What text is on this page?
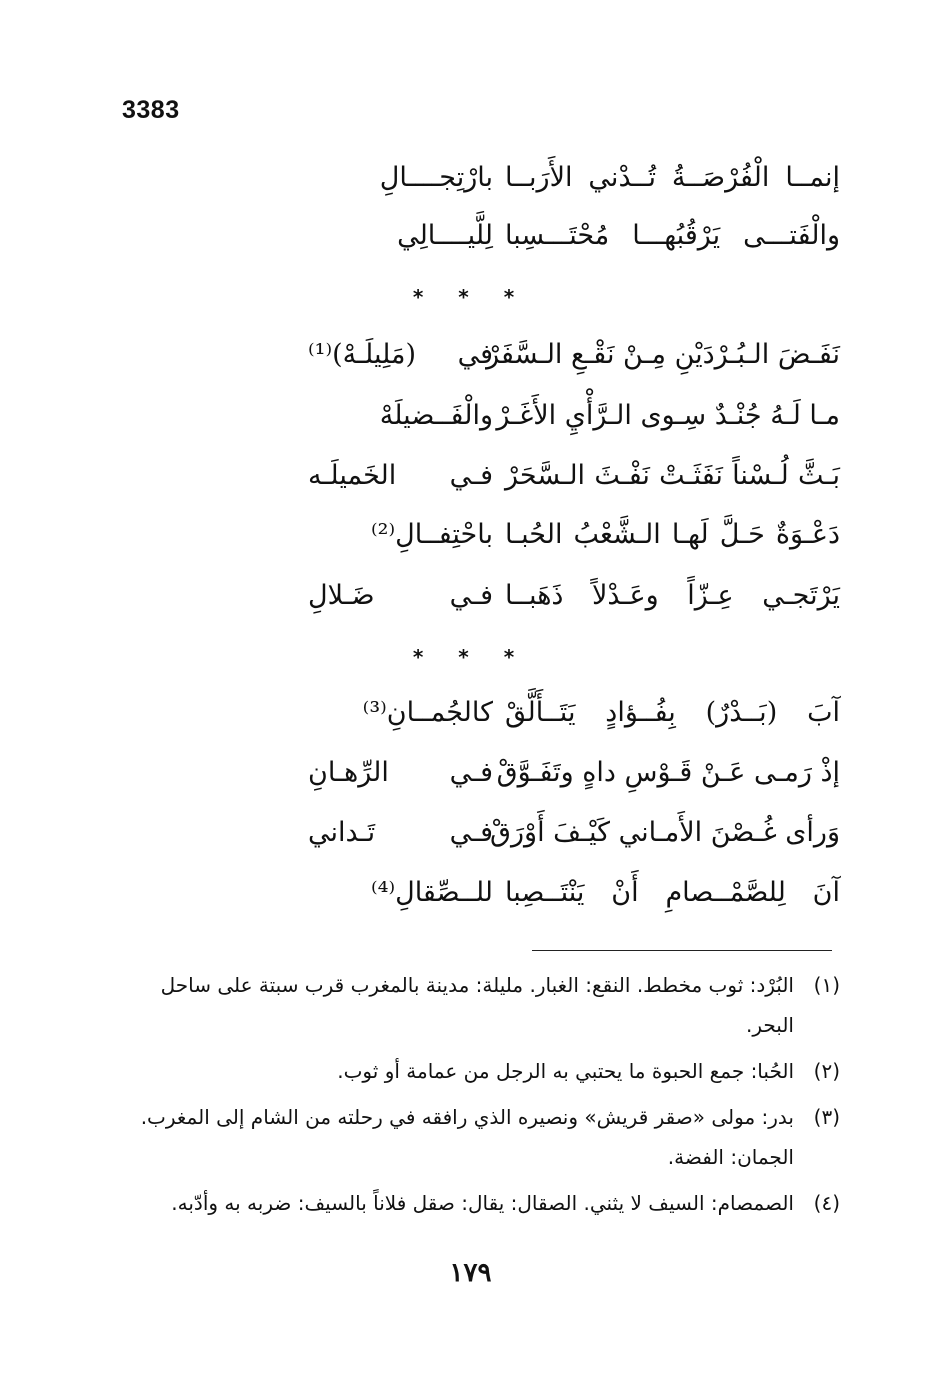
3383
إنمــا الْفُرْصَــةُ تُــدْني الأَرَبــا
بارْتِجــــالِ
والْفَتـــى يَرْقُبُهـــا مُحْتَـــسِبا
لِلَّيــــالِي
نَفَـضَ الـبُـرْدَيْنِ مِـنْ نَقْـعِ الـسَّفَرْ
في (مَلِيلَـهْ)⁽¹⁾
مـا لَـهُ جُنْـدٌ سِـوى الـرَّأْيِ الأَغَـرْ
والْفَــضيلَهْ
بَـثَّ لُـسْناً نَفَثَـتْ نَفْـثَ الـسَّحَرْ
فـي الخَميلَـه
دَعْـوَةٌ حَـلَّ لَهـا الـشَّعْبُ الحُبـا
باحْتِفــالِ⁽²⁾
يَرْتَجـي عِـزّاً وعَـدْلاً ذَهَبــا
فـي ضَـلالِ
آبَ (بَــدْرٌ) بِفُــؤادٍ يَتَــأَلَّقْ
كالجُمــانِ⁽³⁾
إذْ رَمـى عَـنْ قَـوْسِ داهٍ وتَفَـوَّقْ
فـي الرِّهـانِ
وَرأى غُـصْنَ الأَمـاني كَيْـفَ أَوْرَقْ
فـي تَـداني
آنَ لِلصَّمْــصامِ أَنْ يَنْتَــصِبا
للــصِّقالِ⁽⁴⁾
* * *
* * *
(١)
البُرْد: ثوب مخطط. النقع: الغبار. مليلة: مدينة بالمغرب قرب سبتة على ساحل البحر.
(٢)
الحُبا: جمع الحبوة ما يحتبي به الرجل من عمامة أو ثوب.
(٣)
بدر: مولى «صقر قريش» ونصيره الذي رافقه في رحلته من الشام إلى المغرب. الجمان: الفضة.
(٤)
الصمصام: السيف لا يثني. الصقال: يقال: صقل فلاناً بالسيف: ضربه به وأدّبه.
١٧٩
